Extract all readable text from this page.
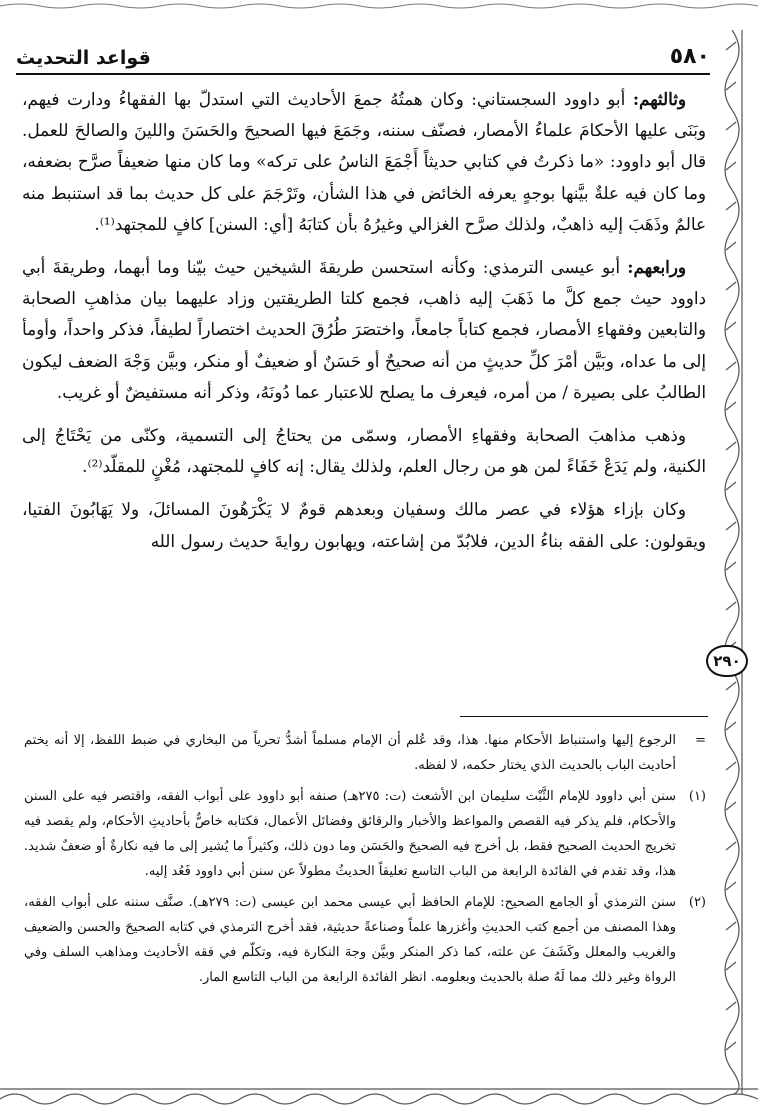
٥٨٠
قواعد التحديث

وثالثهم: أبو داوود السجستاني: وكان همتُهُ جمعَ الأحاديث التي استدلّ بها الفقهاءُ ودارت فيهم، وبَنَى عليها الأحكامَ علماءُ الأمصار، فصنّف سننه، وجَمَعَ فيها الصحيحَ والحَسَنَ واللينَ والصالحَ للعمل. قال أبو داوود: «ما ذكرتُ في كتابي حديثاً أَجْمَعَ الناسُ على تركه» وما كان منها ضعيفاً صرَّح بضعفه، وما كان فيه علةٌ بيَّنها بوجهٍ يعرفه الخائض في هذا الشأن، وتَرْجَمَ على كل حديث بما قد استنبط منه عالمٌ وذَهَبَ إليه ذاهبٌ، ولذلك صرَّح الغزالي وغيرُهُ بأن كتابَهُ [أي: السنن] كافٍ للمجتهد⁽¹⁾.

ورابعهم: أبو عيسى الترمذي: وكأنه استحسن طريقةَ الشيخين حيث بيّنا وما أبهما، وطريقةَ أبي داوود حيث جمع كلَّ ما ذَهَبَ إليه ذاهب، فجمع كلتا الطريقتين وزاد عليهما بيان مذاهبِ الصحابة والتابعين وفقهاءِ الأمصار، فجمع كتاباً جامعاً، واختصَرَ طُرُقَ الحديث اختصاراً لطيفاً، فذكر واحداً، وأومأ إلى ما عداه، وبَيَّن أمْرَ كلِّ حديثٍ من أنه صحيحٌ أو حَسَنٌ أو ضعيفٌ أو منكر، وبيَّن وَجْهَ الضعف ليكون الطالبُ على بصيرة / من أمره، فيعرف ما يصلح للاعتبار عما دُونَهُ، وذكر أنه مستفيضٌ أو غريب.

وذهب مذاهبَ الصحابة وفقهاءِ الأمصار، وسمّى من يحتاجُ إلى التسمية، وكنّى من يَحْتَاجُ إلى الكنية، ولم يَدَعْ خَفَاءً لمن هو من رجال العلم، ولذلك يقال: إنه كافٍ للمجتهد، مُغْنٍ للمقلّد⁽²⁾.

وكان بإزاء هؤلاء في عصر مالك وسفيان وبعدهم قومٌ لا يَكْرَهُونَ المسائلَ، ولا يَهَابُونَ الفتيا، ويقولون: على الفقه بناءُ الدين، فلابُدّ من إشاعته، ويهابون روايةَ حديث رسول الله

٢٩٠
=
الرجوع إليها واستنباط الأحكام منها. هذا، وقد عُلم أن الإمام مسلماً أشدُّ تحرياً من البخاري في ضبط اللفظ، إلا أنه يختم أحاديث الباب بالحديث الذي يختار حكمه، لا لفظه.
(١)
سنن أبي داوود للإمام الثَّبْت سليمان ابن الأشعث (ت: ٢٧٥هـ) صنفه أبو داوود على أبواب الفقه، واقتصر فيه على السنن والأحكام، فلم يذكر فيه القصص والمواعظ والأخبار والرقائق وفضائل الأعمال، فكتابه خاصٌّ بأحاديثِ الأحكام، ولم يقصد فيه تخريج الحديث الصحيح فقط، بل أخرج فيه الصحيحَ والحَسَن وما دون ذلك، وكثيراً ما يُشير إلى ما فيه نكارةٌ أو ضعفٌ شديد. هذا، وقد تقدم في الفائدة الرابعة من الباب التاسع تعليقاً الحديثُ مطولاً عن سنن أبي داوود فَعُد إليه.
(٢)
سنن الترمذي أو الجامع الصحيح: للإمام الحافظ أبي عيسى محمد ابن عيسى (ت: ٢٧٩هـ). صنَّف سننه على أبواب الفقه، وهذا المصنف من أجمع كتب الحديثِ وأغزرها علماً وصناعةً حديثية، فقد أخرج الترمذي في كتابه الصحيحَ والحسن والضعيف والغريب والمعلل وكَشَفَ عن علته، كما ذكر المنكر وبيَّن وجهَ النكارة فيه، وتكلّم في فقه الأحاديث ومذاهب السلف وفي الرواة وغير ذلك مما لَهُ صلة بالحديث وبعلومه. انظر الفائدة الرابعة من الباب التاسع المار.
